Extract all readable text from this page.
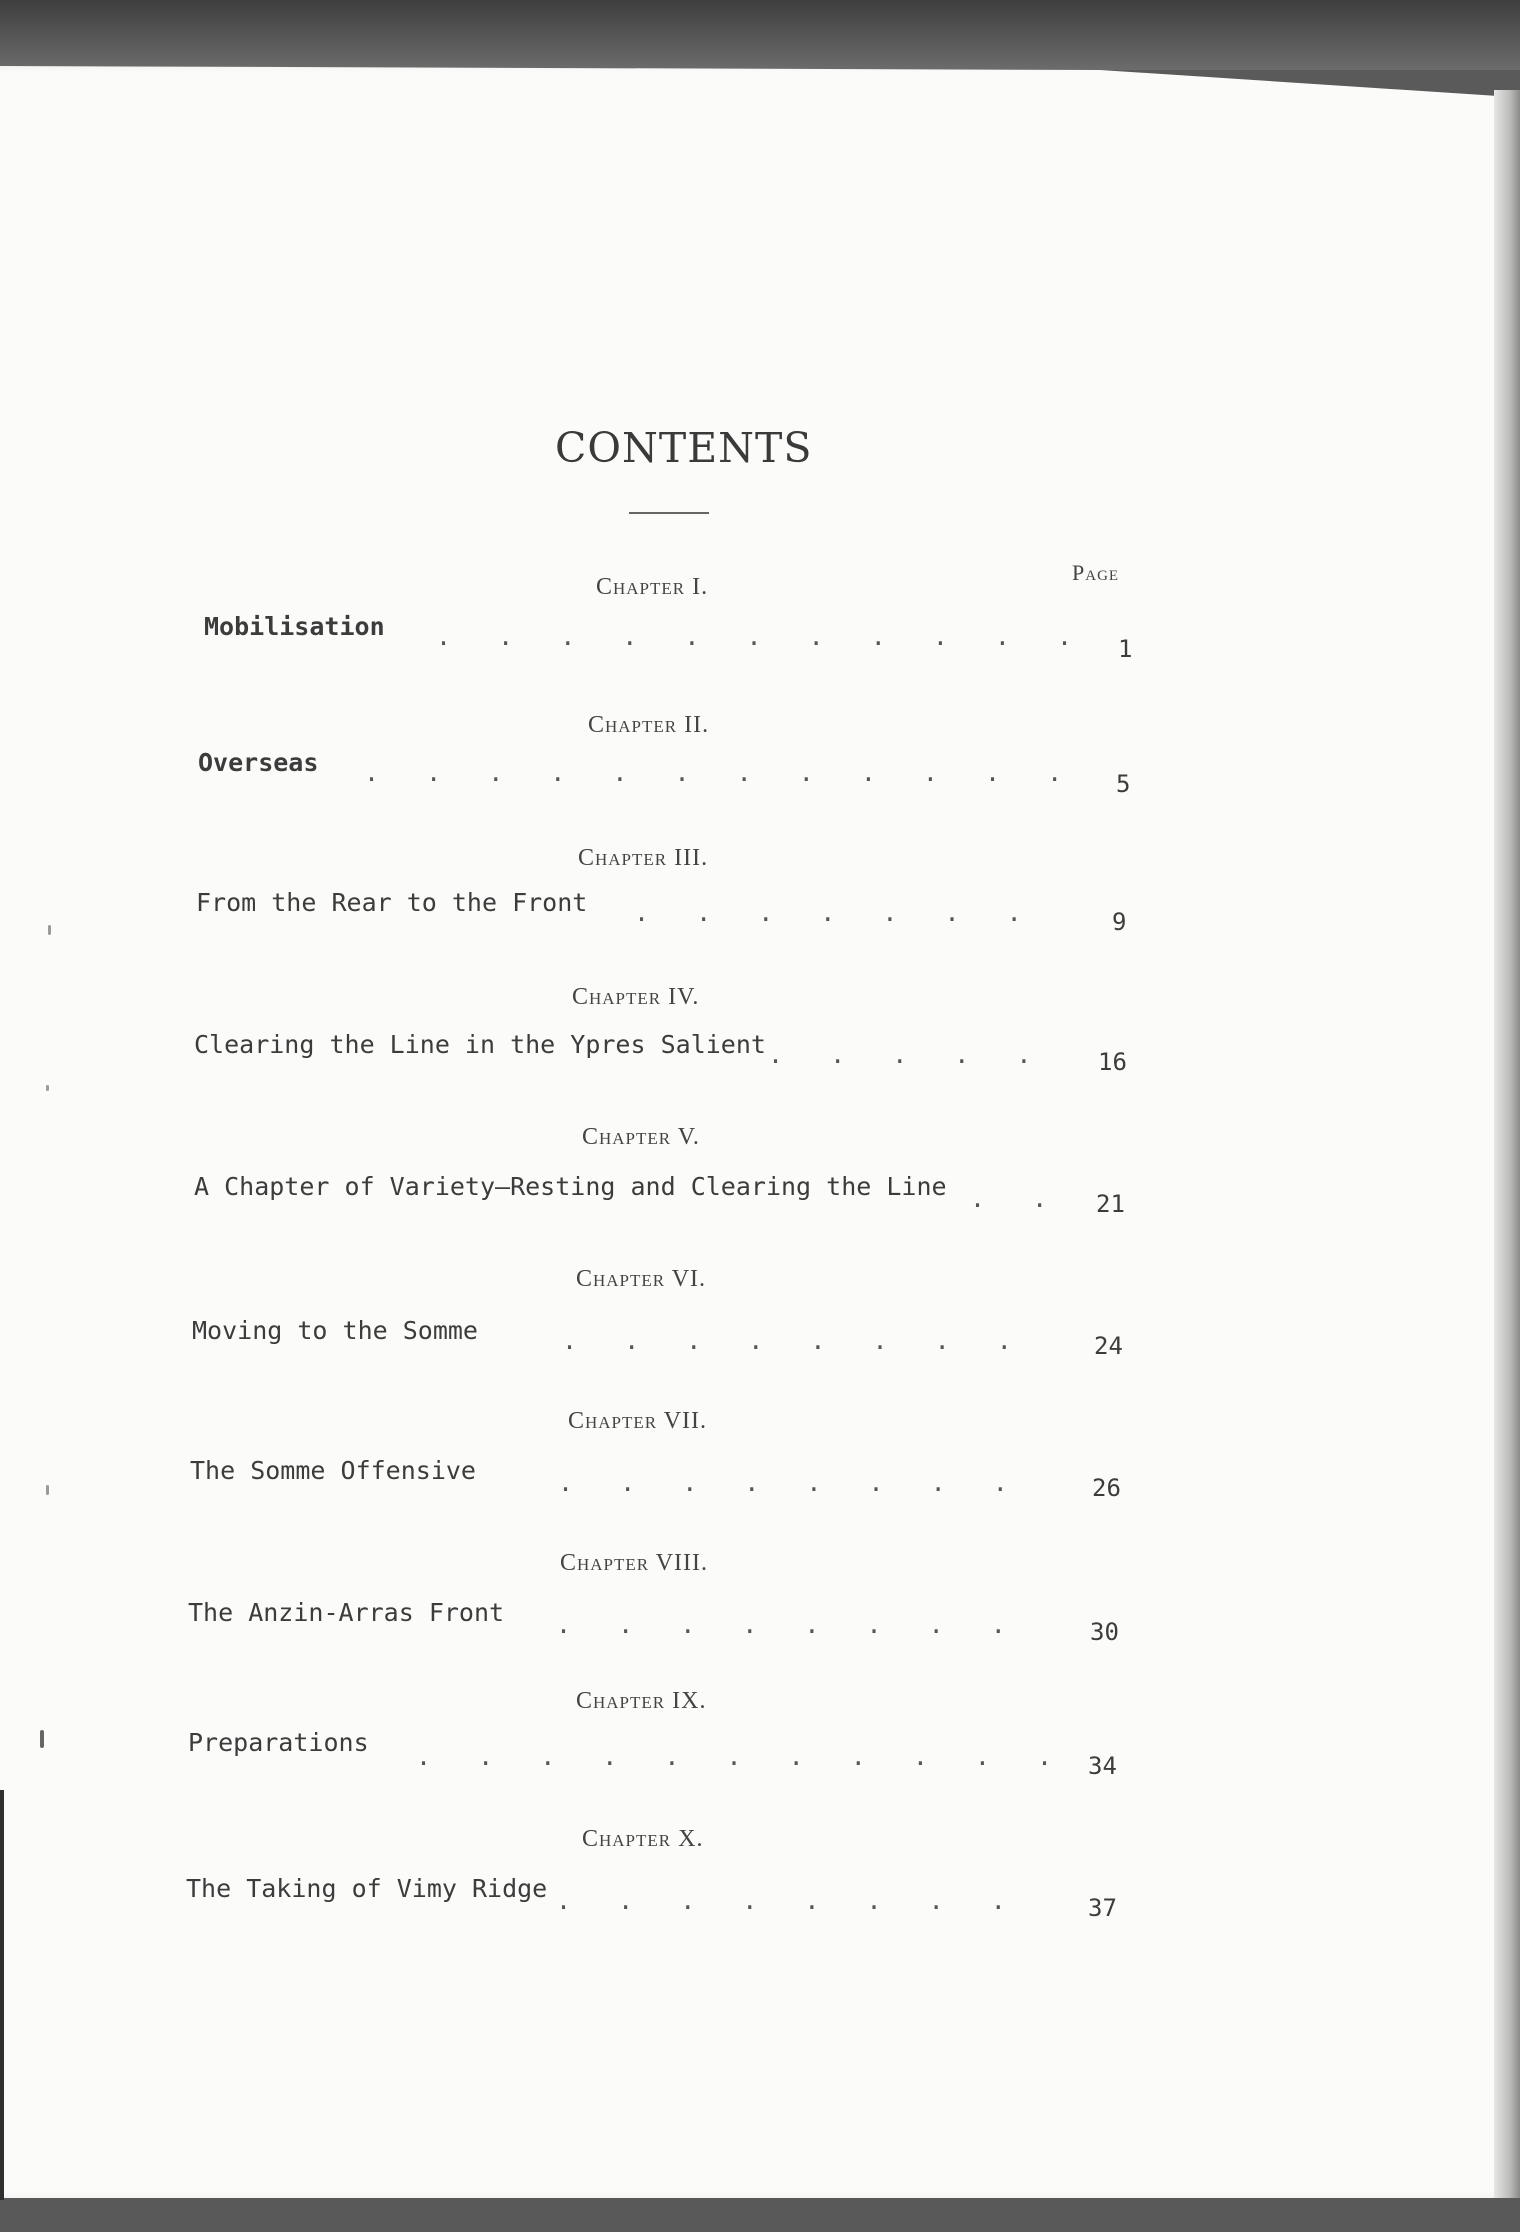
CONTENTS
Page
Chapter I.
Mobilisation . . . . . . . . . . . 1
Chapter II.
Overseas . . . . . . . . . . . . 5
Chapter III.
From the Rear to the Front . . . . . . .	9
Chapter IV.
Clearing the Line in the Ypres Salient . . . . . 16
Chapter V.
A Chapter of Variety—Resting and Clearing the Line . . 21
Chapter VI.
Moving to the Somme	. . . . . . . .	24
Chapter VII.
The Somme Offensive	. . . . . . . .	26
Chapter VIII.
The Anzin-Arras Front . . . . . . . .	30
Chapter IX.
Preparations . . . . . . . . . . . 34
Chapter X.
The Taking of Vimy Ridge . . . . . . . .	37
